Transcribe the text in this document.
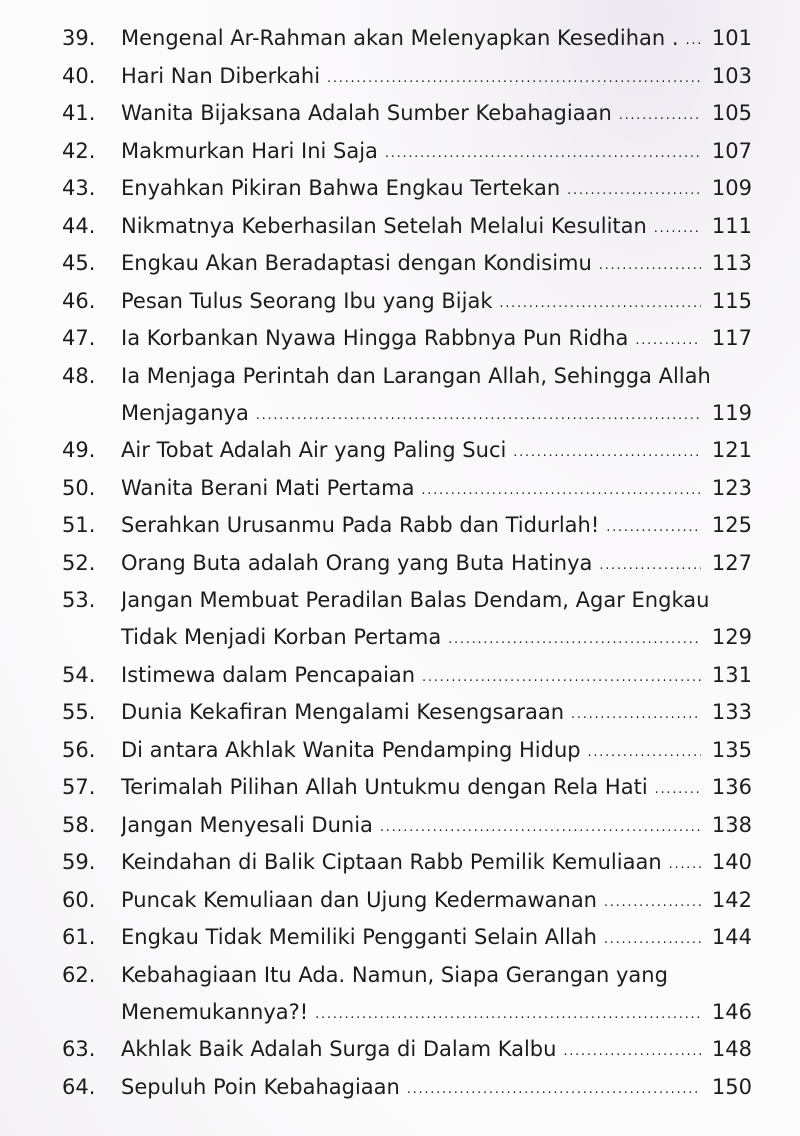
39.	Mengenal Ar-Rahman akan Melenyapkan Kesedihan . . . .	101
40.	Hari Nan Diberkahi . . .	103
41.	Wanita Bijaksana Adalah Sumber Kebahagiaan . . .	105
42.	Makmurkan Hari Ini Saja . . .	107
43.	Enyahkan Pikiran Bahwa Engkau Tertekan . . .	109
44.	Nikmatnya Keberhasilan Setelah Melalui Kesulitan . . .	111
45.	Engkau Akan Beradaptasi dengan Kondisimu . . .	113
46.	Pesan Tulus Seorang Ibu yang Bijak . . .	115
47.	Ia Korbankan Nyawa Hingga Rabbnya Pun Ridha . . .	117
48.	Ia Menjaga Perintah dan Larangan Allah, Sehingga Allah
Menjaganya . . .	119
49.	Air Tobat Adalah Air yang Paling Suci . . .	121
50.	Wanita Berani Mati Pertama . . .	123
51.	Serahkan Urusanmu Pada Rabb dan Tidurlah! . . .	125
52.	Orang Buta adalah Orang yang Buta Hatinya . . .	127
53.	Jangan Membuat Peradilan Balas Dendam, Agar Engkau
Tidak Menjadi Korban Pertama . . .	129
54.	Istimewa dalam Pencapaian . . .	131
55.	Dunia Kekafiran Mengalami Kesengsaraan . . .	133
56.	Di antara Akhlak Wanita Pendamping Hidup . . .	135
57.	Terimalah Pilihan Allah Untukmu dengan Rela Hati . . .	136
58.	Jangan Menyesali Dunia . . .	138
59.	Keindahan di Balik Ciptaan Rabb Pemilik Kemuliaan . . .	140
60.	Puncak Kemuliaan dan Ujung Kedermawanan . . .	142
61.	Engkau Tidak Memiliki Pengganti Selain Allah . . .	144
62.	Kebahagiaan Itu Ada. Namun, Siapa Gerangan yang
Menemukannya?! . . .	146
63.	Akhlak Baik Adalah Surga di Dalam Kalbu . . .	148
64.	Sepuluh Poin Kebahagiaan . . .	150
